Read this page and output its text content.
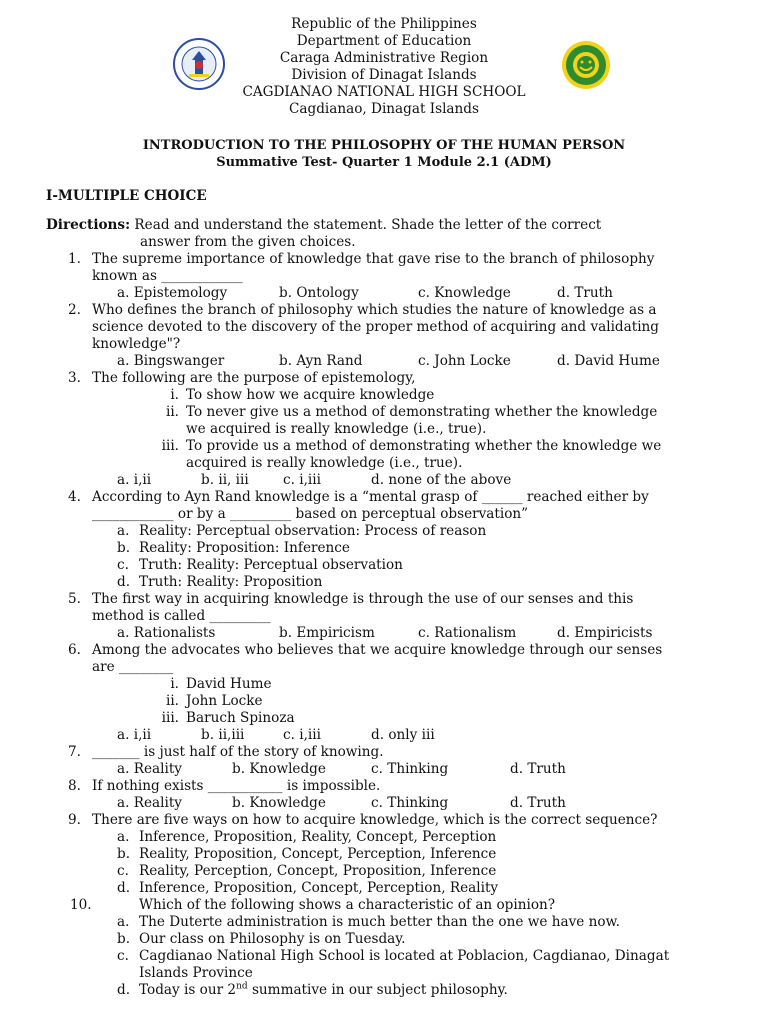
Republic of the Philippines
Department of Education
Caraga Administrative Region
Division of Dinagat Islands
CAGDIANAO NATIONAL HIGH SCHOOL
Cagdianao, Dinagat Islands
INTRODUCTION TO THE PHILOSOPHY OF THE HUMAN PERSON
Summative Test- Quarter 1 Module 2.1 (ADM)
I-MULTIPLE CHOICE
Directions: Read and understand the statement. Shade the letter of the correct
answer from the given choices.
1. The supreme importance of knowledge that gave rise to the branch of philosophy
known as ____________
a. Epistemology	b. Ontology	c. Knowledge	d. Truth
2. Who defines the branch of philosophy which studies the nature of knowledge as a
science devoted to the discovery of the proper method of acquiring and validating
knowledge"?
a. Bingswanger	b. Ayn Rand	c. John Locke	d. David Hume
3. The following are the purpose of epistemology,
i. To show how we acquire knowledge
ii. To never give us a method of demonstrating whether the knowledge
we acquired is really knowledge (i.e., true).
iii. To provide us a method of demonstrating whether the knowledge we
acquired is really knowledge (i.e., true).
a. i,ii	b. ii, iii	c. i,iii	d. none of the above
4. According to Ayn Rand knowledge is a “mental grasp of ______ reached either by
____________ or by a _________ based on perceptual observation”
a. Reality: Perceptual observation: Process of reason
b. Reality: Proposition: Inference
c. Truth: Reality: Perceptual observation
d. Truth: Reality: Proposition
5. The first way in acquiring knowledge is through the use of our senses and this
method is called _________
a. Rationalists	b. Empiricism	c. Rationalism	d. Empiricists
6. Among the advocates who believes that we acquire knowledge through our senses
are ________
i. David Hume
ii. John Locke
iii. Baruch Spinoza
a. i,ii	b. ii,iii	c. i,iii	d. only iii
7. _______ is just half of the story of knowing.
a. Reality	b. Knowledge	c. Thinking	d. Truth
8. If nothing exists ___________ is impossible.
a. Reality	b. Knowledge	c. Thinking	d. Truth
9. There are five ways on how to acquire knowledge, which is the correct sequence?
a. Inference, Proposition, Reality, Concept, Perception
b. Reality, Proposition, Concept, Perception, Inference
c. Reality, Perception, Concept, Proposition, Inference
d. Inference, Proposition, Concept, Perception, Reality
10.	Which of the following shows a characteristic of an opinion?
a. The Duterte administration is much better than the one we have now.
b. Our class on Philosophy is on Tuesday.
c. Cagdianao National High School is located at Poblacion, Cagdianao, Dinagat
Islands Province
d. Today is our 2nd summative in our subject philosophy.
